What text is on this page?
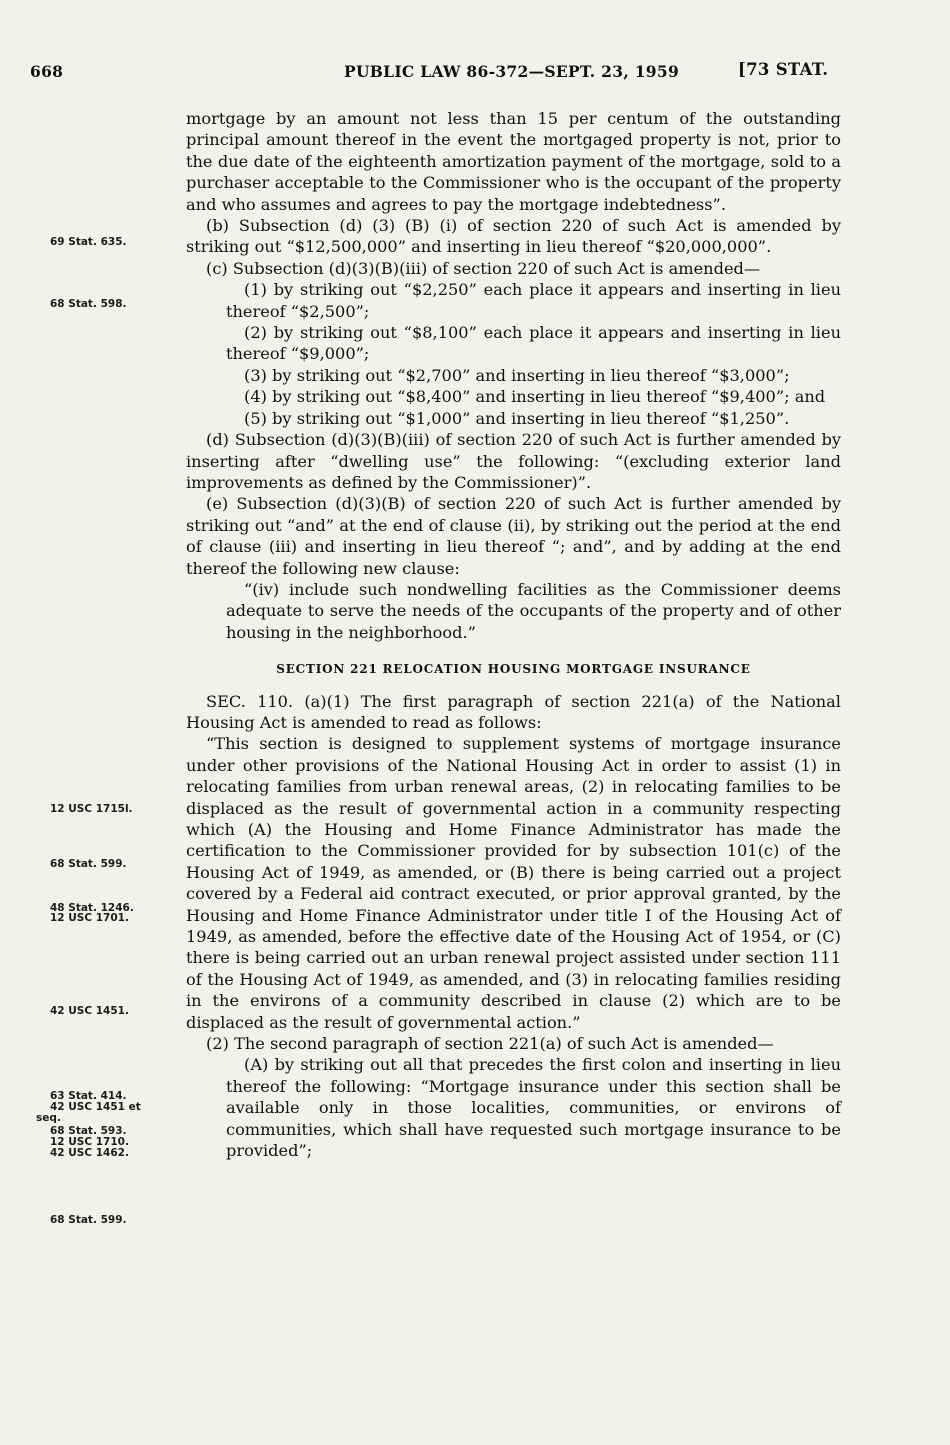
668	PUBLIC LAW 86-372—SEPT. 23, 1959	[73 STAT.
69 Stat. 635.
68 Stat. 598.
12 USC 1715l.
68 Stat. 599.
48 Stat. 1246.
12 USC 1701.
42 USC 1451.
63 Stat. 414.
42 USC 1451 et
seq.
68 Stat. 593.
12 USC 1710.
42 USC 1462.
68 Stat. 599.

mortgage by an amount not less than 15 per centum of the outstanding principal amount thereof in the event the mortgaged property is not, prior to the due date of the eighteenth amortization payment of the mortgage, sold to a purchaser acceptable to the Commissioner who is the occupant of the property and who assumes and agrees to pay the mortgage indebtedness”.

(b) Subsection (d) (3) (B) (i) of section 220 of such Act is amended by striking out “$12,500,000” and inserting in lieu thereof “$20,000,000”.

(c) Subsection (d)(3)(B)(iii) of section 220 of such Act is amended—

(1) by striking out “$2,250” each place it appears and inserting in lieu thereof “$2,500”;

(2) by striking out “$8,100” each place it appears and inserting in lieu thereof “$9,000”;

(3) by striking out “$2,700” and inserting in lieu thereof “$3,000”;

(4) by striking out “$8,400” and inserting in lieu thereof “$9,400”; and

(5) by striking out “$1,000” and inserting in lieu thereof “$1,250”.

(d) Subsection (d)(3)(B)(iii) of section 220 of such Act is further amended by inserting after “dwelling use” the following: “(excluding exterior land improvements as defined by the Commissioner)”.

(e) Subsection (d)(3)(B) of section 220 of such Act is further amended by striking out “and” at the end of clause (ii), by striking out the period at the end of clause (iii) and inserting in lieu thereof “; and”, and by adding at the end thereof the following new clause:

“(iv) include such nondwelling facilities as the Commissioner deems adequate to serve the needs of the occupants of the property and of other housing in the neighborhood.”

SECTION 221 RELOCATION HOUSING MORTGAGE INSURANCE

SEC. 110. (a)(1) The first paragraph of section 221(a) of the National Housing Act is amended to read as follows:

“This section is designed to supplement systems of mortgage insurance under other provisions of the National Housing Act in order to assist (1) in relocating families from urban renewal areas, (2) in relocating families to be displaced as the result of governmental action in a community respecting which (A) the Housing and Home Finance Administrator has made the certification to the Commissioner provided for by subsection 101(c) of the Housing Act of 1949, as amended, or (B) there is being carried out a project covered by a Federal aid contract executed, or prior approval granted, by the Housing and Home Finance Administrator under title I of the Housing Act of 1949, as amended, before the effective date of the Housing Act of 1954, or (C) there is being carried out an urban renewal project assisted under section 111 of the Housing Act of 1949, as amended, and (3) in relocating families residing in the environs of a community described in clause (2) which are to be displaced as the result of governmental action.”

(2) The second paragraph of section 221(a) of such Act is amended—

(A) by striking out all that precedes the first colon and inserting in lieu thereof the following: “Mortgage insurance under this section shall be available only in those localities, communities, or environs of communities, which shall have requested such mortgage insurance to be provided”;
